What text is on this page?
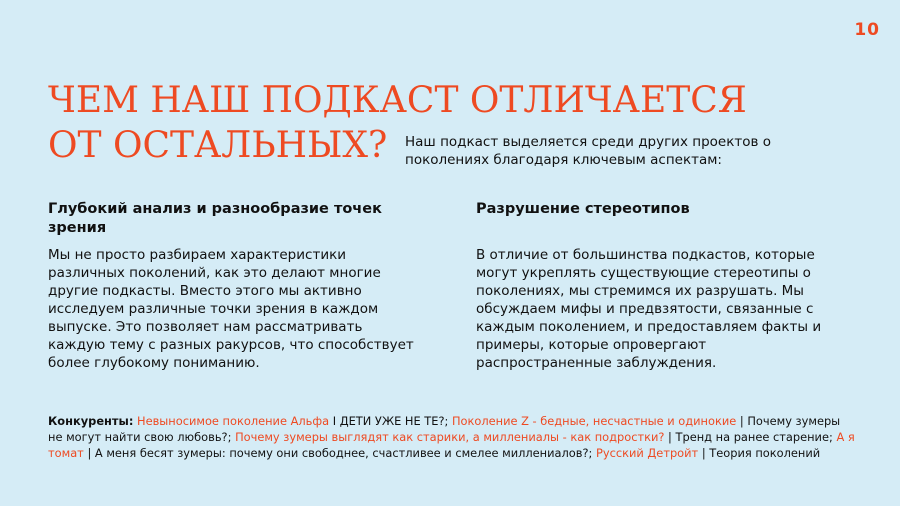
10
ЧЕМ НАШ ПОДКАСТ ОТЛИЧАЕТСЯ
ОТ ОСТАЛЬНЫХ?	Наш подкаст выделяется среди других проектов о поколениях благодаря ключевым аспектам:

Глубокий анализ и разнообразие точек зрения

Мы не просто разбираем характеристики различных поколений, как это делают многие другие подкасты. Вместо этого мы активно исследуем различные точки зрения в каждом выпуске. Это позволяет нам рассматривать каждую тему с разных ракурсов, что способствует более глубокому пониманию.

Разрушение стереотипов

В отличие от большинства подкастов, которые могут укреплять существующие стереотипы о поколениях, мы стремимся их разрушать. Мы обсуждаем мифы и предвзятости, связанные с каждым поколением, и предоставляем факты и примеры, которые опровергают распространенные заблуждения.

Конкуренты: Невыносимое поколение Альфа I ДЕТИ УЖЕ НЕ ТЕ?; Поколение Z - бедные, несчастные и одинокие | Почему зумеры не могут найти свою любовь?; Почему зумеры выглядят как старики, а миллениалы - как подростки? | Тренд на ранее старение; А я томат | А меня бесят зумеры: почему они свободнее, счастливее и смелее миллениалов?; Русский Детройт | Теория поколений
